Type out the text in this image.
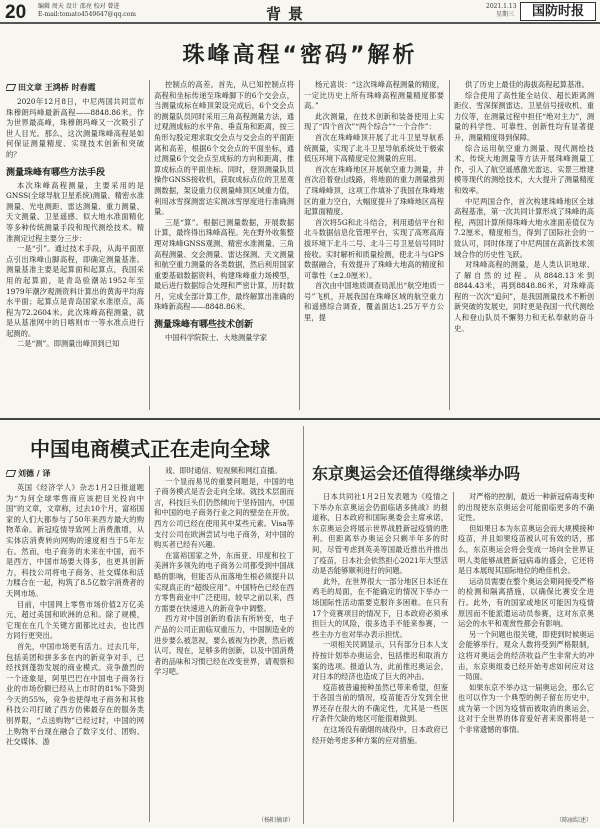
20 编辑 周天 设计 邵亮 校对 曾进
E-mail:tomato4549647@qq.com	背景	2021.1.13
星期三	国防时报
珠峰高程“密码”解析
田文章 王鸿桥 时春霞

2020年12月8日，中尼两国共同宣布珠穆朗玛峰最新高程——8848.86米。作为世界最高峰，珠穆朗玛峰又一次吸引了世人目光。那么，这次测量珠峰高程是如何保证测量精度、实现技术创新和突破的？

测量珠峰有哪些方法手段

本次珠峰高程测量，主要采用的是GNSS(全球导航卫星系统)测量、精密水准测量、光电测距、雷达测量、重力测量、天文测量、卫星遥感、似大地水准面精化等多种传统测量手段和现代测绘技术。精准测定过程主要分三步：

一是“引”。通过技术手段，从海平面原点引出珠峰山脚高程，即确定测量基准。测量基准主要是起算面和起算点，我国采用的起算面，是青岛验潮站1952年至1979年潮汐观测资料计算出的黄海平均海水平面；起算点是青岛国家水准原点，高程为72.2604米。此次珠峰高程测量，就是从基准网中的日喀则市一等水准点进行起测的。

二是“测”。即测量出峰顶到已知

控制点的高差。首先，从已知控制点将高程和坐标传递至珠峰脚下的6个交会点，当测量成标在峰顶架设完成后，6个交会点的测量队员同时采用三角高程测量方法，通过观测成标的水平角、垂直角和距离，按三角形勾股定理求取交会点与交会点的平面距离和高差，根据6个交会点的平面坐标，通过测量6个交会点至成标的方向和距离，推算成标点的平面坐标。同时，登顶测量队员操作GNSS接收机，获取成标点位的卫星观测数据，架设重力仪测量峰顶区域重力值，利用冰雪探测雷达实测冰雪厚度进行准确测量。

三是“算”。根据已测量数据，开展数据计算，最终得出珠峰高程。先在野外收集整理对珠峰GNSS观测、精密水准测量、三角高程测量、交会测量、雷达探测、天文测量和航空重力测量的各类数据，然后利用国家重要基础数据资料，构建珠峰重力场模型，最后进行数据综合处理和严密计算，历时数月，完成全部计算工作，最终解算出准确的珠峰新高程——8848.86米。

测量珠峰有哪些技术创新

中国科学院院士、大地测量学家

杨元喜说：“这次珠峰高程测量的精度，一定比历史上所有珠峰高程测量精度都要高。”

此次测量，在技术创新和装备使用上实现了“四个首次”“两个综合”“一个合作”：

首次在珠峰峰顶开展了北斗卫星导航系统测量，实现了北斗卫星导航系统处于极索低压环境下高精度定位测量的应用。

首次在珠峰地区开展航空重力测量，并首次沿着登山线路，将地面的重力测量推到了珠峰峰顶，这项工作填补了我国在珠峰地区的重力空白，大幅度提升了珠峰地区高程起算面精度。

首次将5G和北斗结合，利用通信平台和北斗数据信息化管理平台，实现了高寒高海拔环境下北斗二号、北斗三号卫星信号同时接收。实时解析和质量检测，使北斗与GPS数据融合，有效提升了珠峰大地高的精度和可靠性（±2.0厘米）。

首次由中国地质调查局派出“航空地质一号”飞机，开展我国在珠峰区域的航空重力和遥感综合调查，覆盖面达1.25万平方公里，提

供了历史上最佳的海拔高程起算基准。

综合使用了高性能全站仪、超长距离测距仪、雪深探测雷达、卫星信号接收机、重力仪等，在测量过程中担任“绝对主力”，测量的科学性、可靠性、创新性均有显著提升，测量精度得到保障。

综合运用航空重力测量、现代测绘技术、传统大地测量等方法开展珠峰测量工作，引入了航空遥感激光雷达、实景三维建模等现代的测绘技术，大大提升了测量精度和效率。

中尼两国合作，首次构建珠峰地区全球高程基准，第一次共同计算形成了珠峰的高程，两国计算所得珠峰大地水准面差值仅为7.2厘米，精度相当，得到了国际社会的一致认可，同时体现了中尼两国在高新技术领域合作的历史性飞跃。

对珠峰高程的测量，是人类认识地球、了解自然的过程。从8848.13米到8844.43米，再到8848.86米，对珠峰高程的一次次“追问”，是我国测量技术不断创新突破的发展史，同时更是我国一代代测绘人和登山队员不懈努力和无私奉献的奋斗史。

中国电商模式正在走向全球
刘德 / 译

英国《经济学人》杂志1月2日报道题为“为何全球零售商应该把目光投向中国”的文章，文章称，过去10个月，富裕国家的人们大都参与了50年来西方最大的购物革命。新冠疫情导致网上消费激增，从实体店消费转向网购的速度相当于5年左右。然而，电子商务的未来在中国，而不是西方，中国市场要大得多，也更具创新力，科技公司将电子商务、社交媒体和活力糅合在一起，构筑了8.5亿数字消费者的天网市场。

目前，中国网上零售市场价值2万亿美元，超过美国和欧洲的总和。除了规模，它现在在几个关键方面都比过去，也比西方同行更突出。

首先，中国市场更有活力。过去几年，包括美团和拼多多在内的新竞争对手，已经找到蓬勃发展的商业模式。竞争激烈的一个迹象是，阿里巴巴在中国电子商务行业的市场份额已经从上市时的81%下降到今天的55%，竞争也使得电子商务和其他科技公司打破了西方仿佛最存在的服务类别界限，“点送购物”已经过时，中国的网上购物平台现在融合了数字支付、团购、社交媒体、游

戏、即时通信、短视频和网红直播。

一个显而易见的重要问题是，中国的电子商务模式是否会走向全球。就技术层面而言，科技巨头们仍然倾向于坚持国内，中国和中国的电子商务行业之间的壁垒在开放。西方公司已经在使用其中某些元素。Visa等支付公司在欧洲尝试与电子商务，对中国的购买者已经有兴趣。

在富裕国家之外，东南亚、印度和拉丁美洲许多领先的电子商务公司都受到中国战略的影响，但能否从而落地生根必须提升以实现真正的“超级应用”。中国特色已经在西方零售商业中广泛使用。较早之前以来，西方需要在快速进入的新竞争中调整。

西方对中国创新的看法有所转变，电子产品的公司正面临双重压力，中国制造业的进步要么被忽视，要么被视为抄袭，然后被认可。现在，足够多的创新，以及中国消费者的品味和习惯已经在改变世界，请观察和学习吧。

（杨阳摘译）
东京奥运会还值得继续举办吗

日本共同社1月2日发表题为《疫情之下举办东京奥运会仍面临诸多挑战》的报道称，日本政府和国际奥委会主席承诺，东京奥运会将展示世界战胜新冠疫情的胜利。但距离举办奥运会只剩半年多的时间，尽管考虑到英美等国最近推出并推出了疫苗，日本社会依然担心2021年大型活动是否能够顺利进行的问题。

此外，在世界很大一部分地区日本还在鸡毛的局面，在不能确定的情况下举办一场国际性活动需要克服许多困难。在只有17个竞赛项目的情况下，日本政府必须承担巨大的风险，很多选手不能来参赛，一些主办方也对举办表示担忧。

一项相关民调显示，只有部分日本人支持按计划举办奥运会，包括推迟和取消方案的选项。报道认为，此前推迟奥运会，对日本的经济也造成了巨大的冲击。

疫苗被普遍接种虽然已带来希望，但鉴于各国当前的情况，疫苗能否分发到全世界还存在很大的不确定性，尤其是一些医疗条件欠缺的地区可能很难做到。

在这场没有硝烟的战役中，日本政府已经开始考虑多种方案的应对措施。

对严格的控制，最近一种新冠病毒变种的出现使东京奥运会可能面临更多的不确定性。

但如果日本为东京奥运会而大规模接种疫苗，并且如果疫苗被认可有效的话，那么，东京奥运会将会变成一场向全世界证明人类能够战胜新冠病毒的盛会，它还将是日本展现其国际地位的绝佳机会。

运动员需要在整个奥运会期间接受严格的检测和隔离措施，以确保比赛安全进行。此外，有的国家或地区可能因为疫情原因而不能派遣运动员参赛，这对东京奥运会的水平和观赏性都会有影响。

另一个问题也很关键，即使到时候奥运会能够举行，观众人数将受到严格限制，这将对奥运会的经济收益产生非常大的冲击，东京奥组委已经开始考虑如何应对这一局面。

如果东京不举办这一届奥运会，那么它也可以作为一个典型的例子留在历史中，成为第一个因为疫情而被取消的奥运会，这对于全世界的体育爱好者来说都将是一个非常遗憾的事情。

（陈丽综述）
